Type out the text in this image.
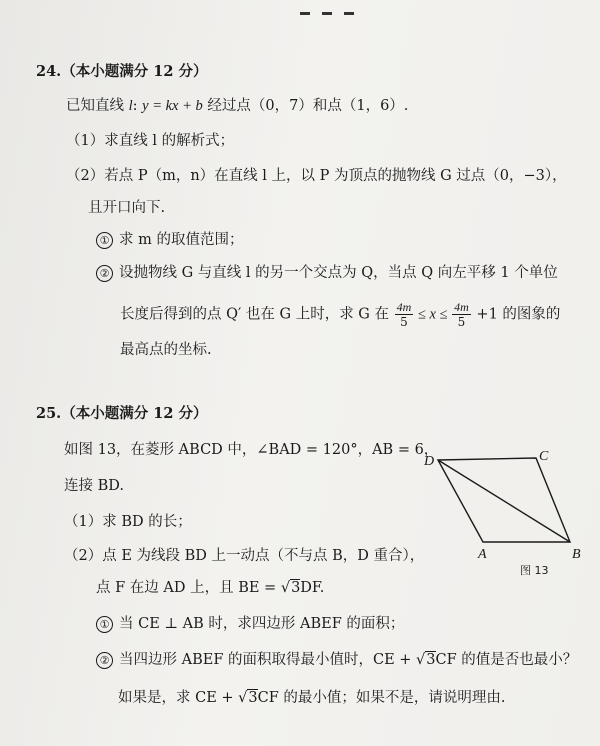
24.（本小题满分 12 分）
已知直线 l: y = kx + b 经过点（0，7）和点（1，6）.
（1）求直线 l 的解析式；
（2）若点 P（m，n）在直线 l 上，以 P 为顶点的抛物线 G 过点（0，−3），
且开口向下.
① 求 m 的取值范围；
② 设抛物线 G 与直线 l 的另一个交点为 Q，当点 Q 向左平移 1 个单位
长度后得到的点 Q′ 也在 G 上时，求 G 在 $\frac{4m}{5} \le x \le \frac{4m}{5} +1$ 的图象的
最高点的坐标.
25.（本小题满分 12 分）
如图 13，在菱形 ABCD 中，∠BAD = 120°，AB = 6，
连接 BD.
（1）求 BD 的长；
（2）点 E 为线段 BD 上一动点（不与点 B，D 重合），
点 F 在边 AD 上，且 BE = √3DF.
① 当 CE ⊥ AB 时，求四边形 ABEF 的面积；
② 当四边形 ABEF 的面积取得最小值时，CE + √3CF 的值是否也最小？
如果是，求 CE + √3CF 的最小值；如果不是，请说明理由.
D	C
A	B
图 13
